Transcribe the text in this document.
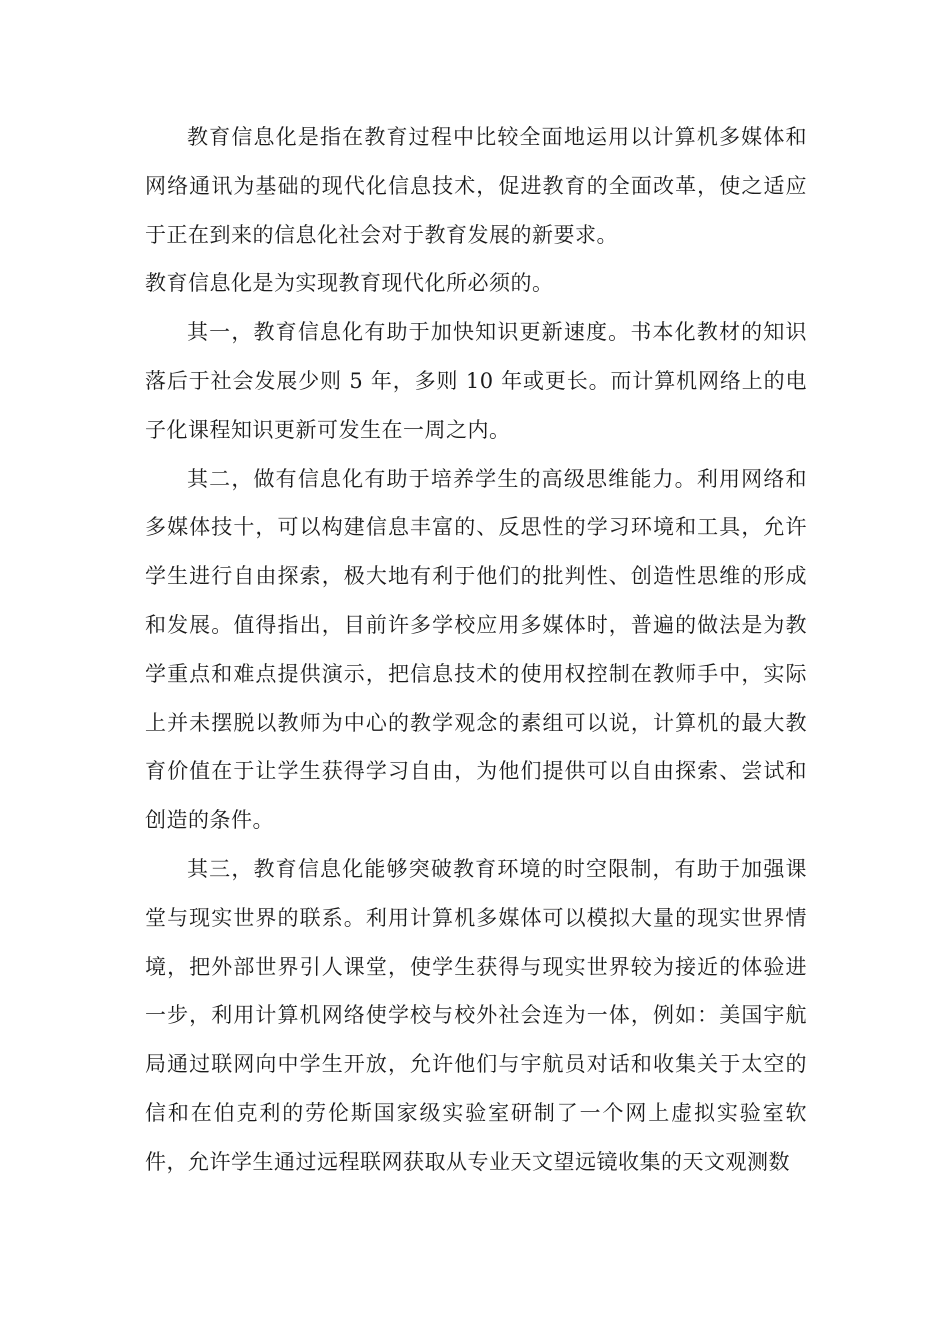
教育信息化是指在教育过程中比较全面地运用以计算机多媒体和网络通讯为基础的现代化信息技术，促进教育的全面改革，使之适应于正在到来的信息化社会对于教育发展的新要求。

教育信息化是为实现教育现代化所必须的。

其一，教育信息化有助于加快知识更新速度。书本化教材的知识落后于社会发展少则 5 年，多则 10 年或更长。而计算机网络上的电子化课程知识更新可发生在一周之内。

其二，做有信息化有助于培养学生的高级思维能力。利用网络和多媒体技十，可以构建信息丰富的、反思性的学习环境和工具，允许学生进行自由探索，极大地有利于他们的批判性、创造性思维的形成和发展。值得指出，目前许多学校应用多媒体时，普遍的做法是为教学重点和难点提供演示，把信息技术的使用权控制在教师手中，实际上并未摆脱以教师为中心的教学观念的素组可以说，计算机的最大教育价值在于让学生获得学习自由，为他们提供可以自由探索、尝试和创造的条件。

其三，教育信息化能够突破教育环境的时空限制，有助于加强课堂与现实世界的联系。利用计算机多媒体可以模拟大量的现实世界情境，把外部世界引人课堂，使学生获得与现实世界较为接近的体验进一步，利用计算机网络使学校与校外社会连为一体，例如：美国宇航局通过联网向中学生开放，允许他们与宇航员对话和收集关于太空的信和在伯克利的劳伦斯国家级实验室研制了一个网上虚拟实验室软件，允许学生通过远程联网获取从专业天文望远镜收集的天文观测数
